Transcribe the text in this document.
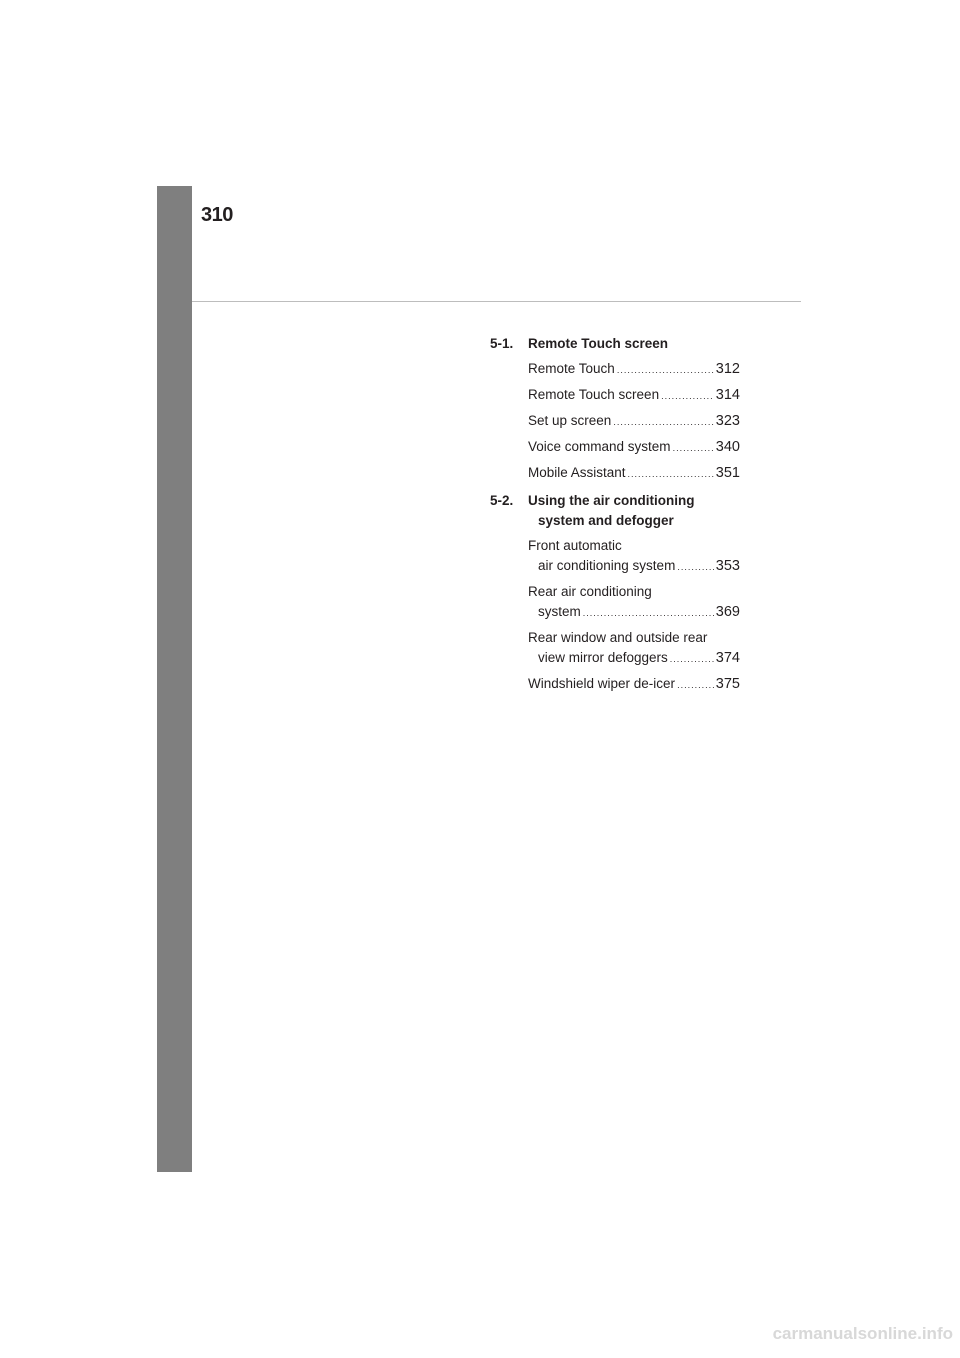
310
5-1.	Remote Touch screen
Remote Touch .....	312
Remote Touch screen .....	314
Set up screen .....	323
Voice command system .....	340
Mobile Assistant .....	351
5-2.	Using the air conditioning
system and defogger
Front automatic
air conditioning system .....	353
Rear air conditioning
system .....	369
Rear window and outside rear
view mirror defoggers .....	374
Windshield wiper de-icer .....	375
carmanualsonline.info
